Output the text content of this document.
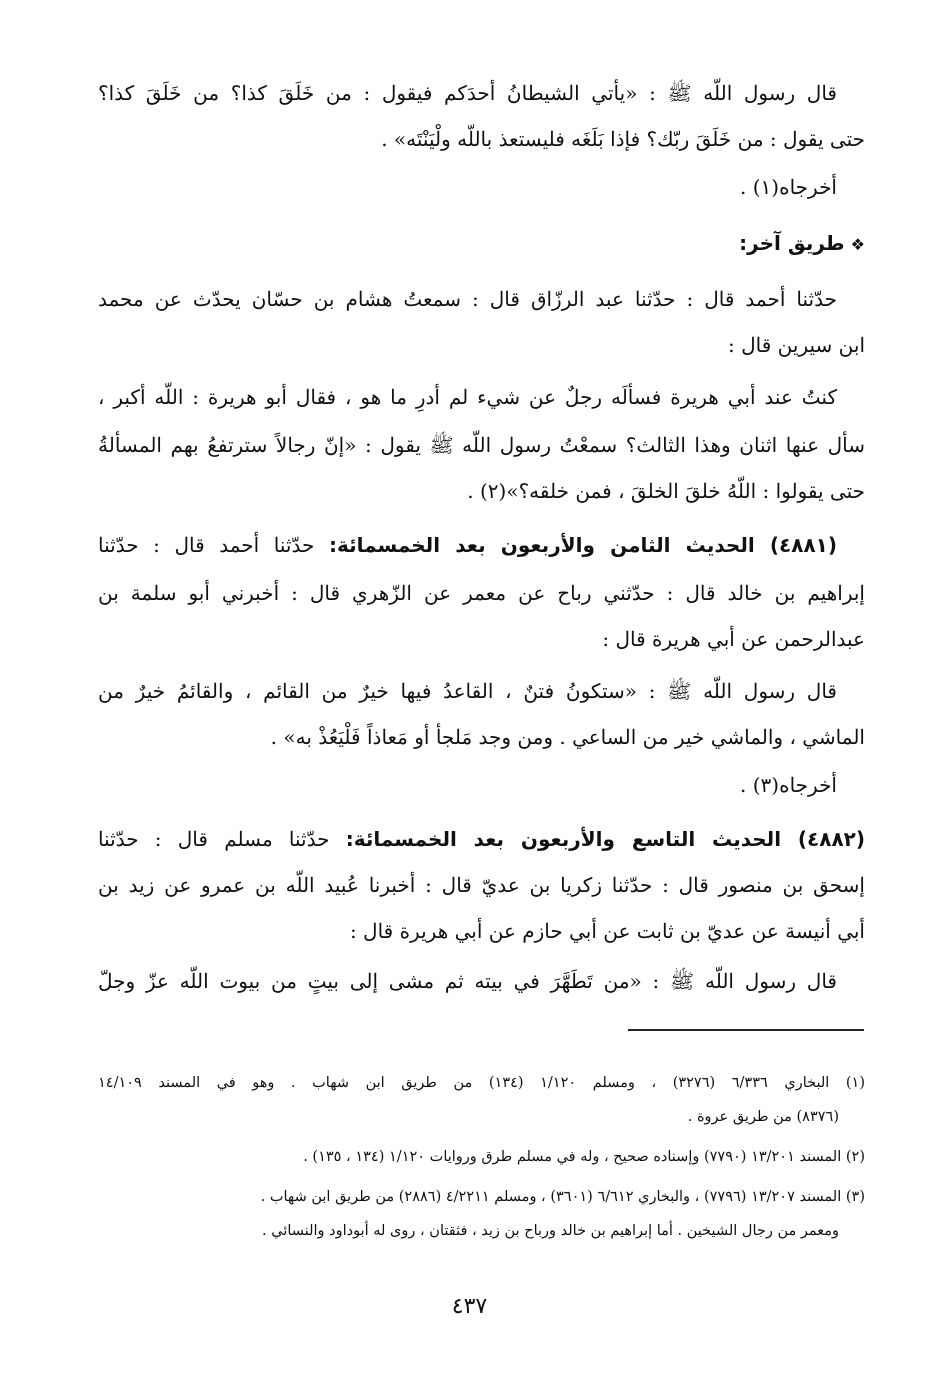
قال رسول اللّه ﷺ : «يأتي الشيطانُ أحدَكم فيقول : من خَلَقَ كذا؟ من خَلَقَ كذا؟
حتى يقول : من خَلَقَ ربّك؟ فإذا بَلَغَه فليستعذ باللّه ولْيَنْتَه» .
أخرجاه(١) .
❖طريق آخر:
حدّثنا أحمد قال : حدّثنا عبد الرزّاق قال : سمعتُ هشام بن حسّان يحدّث عن محمد
ابن سيرين قال :
كنتُ عند أبي هريرة فسأَلَه رجلٌ عن شيء لم أدرِ ما هو ، فقال أبو هريرة : اللّه أكبر ،
سأل عنها اثنان وهذا الثالث؟ سمعْتُ رسول اللّه ﷺ يقول : «إنّ رجالاً سترتفعُ بهم المسألةُ
حتى يقولوا : اللّهُ خلقَ الخلقَ ، فمن خلقه؟»(٢) .
(٤٨٨١) الحديث الثامن والأربعون بعد الخمسمائة: حدّثنا أحمد قال : حدّثنا
إبراهيم بن خالد قال : حدّثني رباح عن معمر عن الزّهري قال : أخبرني أبو سلمة بن
عبدالرحمن عن أبي هريرة قال :
قال رسول اللّه ﷺ : «ستكونُ فتنٌ ، القاعدُ فيها خيرٌ من القائم ، والقائمُ خيرٌ من
الماشي ، والماشي خير من الساعي . ومن وجد مَلجأً أو مَعاذاً فَلْيَعُذْ به» .
أخرجاه(٣) .
(٤٨٨٢) الحديث التاسع والأربعون بعد الخمسمائة: حدّثنا مسلم قال : حدّثنا
إسحق بن منصور قال : حدّثنا زكريا بن عديّ قال : أخبرنا عُبيد اللّه بن عمرو عن زيد بن
أبي أنيسة عن عديّ بن ثابت عن أبي حازم عن أبي هريرة قال :
قال رسول اللّه ﷺ : «من تَطَهَّرَ في بيته ثم مشى إلى بيتٍ من بيوت اللّه عزّ وجلّ
(١) البخاري ٦/٣٣٦ (٣٢٧٦) ، ومسلم ١/١٢٠ (١٣٤) من طريق ابن شهاب . وهو في المسند ١٤/١٠٩
(٨٣٧٦) من طريق عروة .
(٢) المسند ١٣/٢٠١ (٧٧٩٠) وإسناده صحيح ، وله في مسلم طرق وروايات ١/١٢٠ (١٣٤ ، ١٣٥) .
(٣) المسند ١٣/٢٠٧ (٧٧٩٦) ، والبخاري ٦/٦١٢ (٣٦٠١) ، ومسلم ٤/٢٢١١ (٢٨٨٦) من طريق ابن شهاب .
ومعمر من رجال الشيخين . أما إبراهيم بن خالد ورباح بن زيد ، فثقتان ، روى له أبوداود والنسائي .
٤٣٧
